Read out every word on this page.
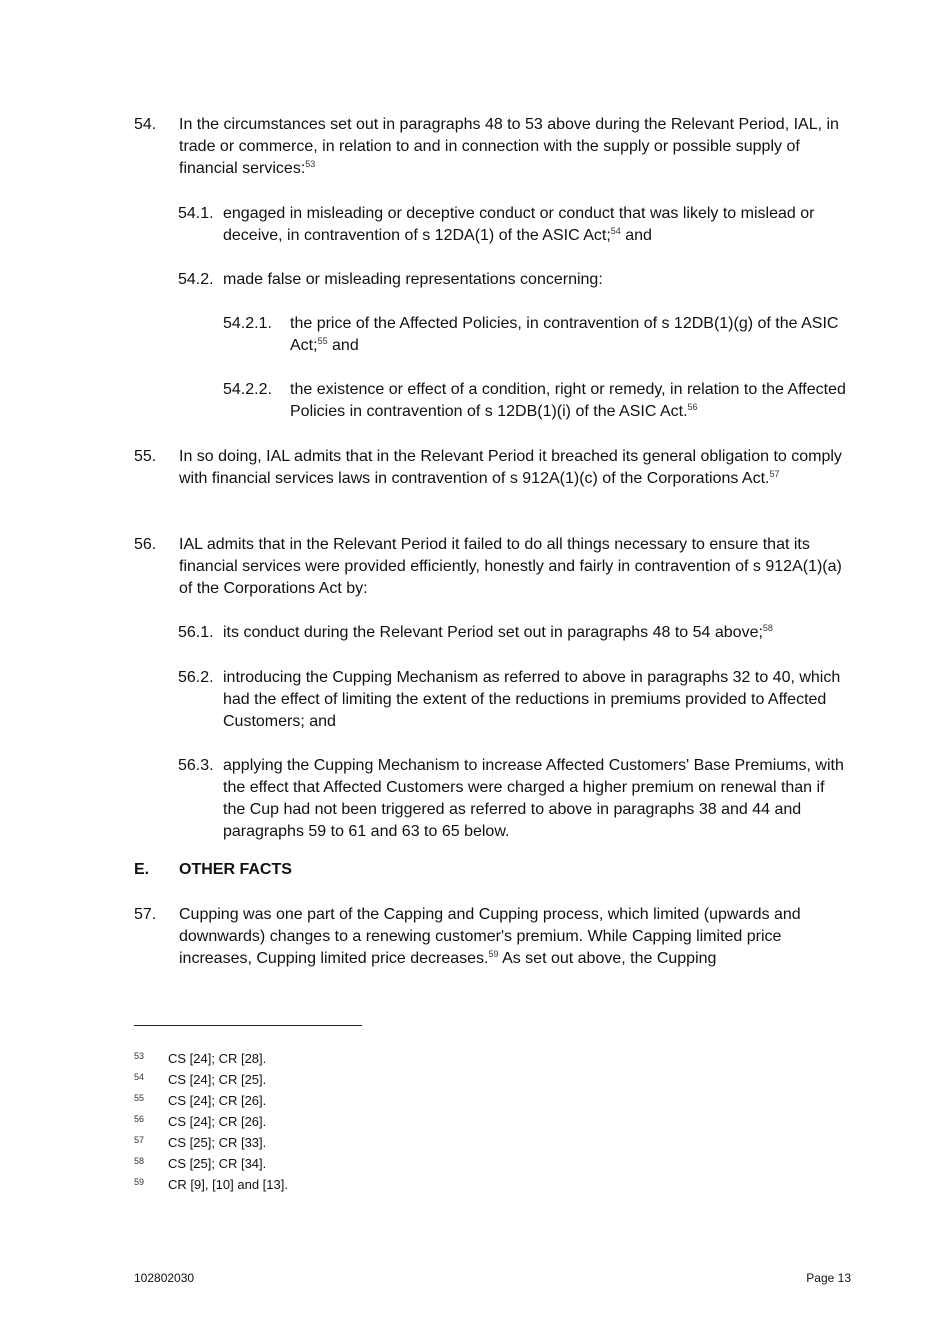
54. In the circumstances set out in paragraphs 48 to 53 above during the Relevant Period, IAL, in trade or commerce, in relation to and in connection with the supply or possible supply of financial services:$^{53}$
54.1. engaged in misleading or deceptive conduct or conduct that was likely to mislead or deceive, in contravention of s 12DA(1) of the ASIC Act;$^{54}$ and
54.2. made false or misleading representations concerning:
54.2.1. the price of the Affected Policies, in contravention of s 12DB(1)(g) of the ASIC Act;$^{55}$ and
54.2.2. the existence or effect of a condition, right or remedy, in relation to the Affected Policies in contravention of s 12DB(1)(i) of the ASIC Act.$^{56}$
55. In so doing, IAL admits that in the Relevant Period it breached its general obligation to comply with financial services laws in contravention of s 912A(1)(c) of the Corporations Act.$^{57}$
56. IAL admits that in the Relevant Period it failed to do all things necessary to ensure that its financial services were provided efficiently, honestly and fairly in contravention of s 912A(1)(a) of the Corporations Act by:
56.1. its conduct during the Relevant Period set out in paragraphs 48 to 54 above;$^{58}$
56.2. introducing the Cupping Mechanism as referred to above in paragraphs 32 to 40, which had the effect of limiting the extent of the reductions in premiums provided to Affected Customers; and
56.3. applying the Cupping Mechanism to increase Affected Customers' Base Premiums, with the effect that Affected Customers were charged a higher premium on renewal than if the Cup had not been triggered as referred to above in paragraphs 38 and 44 and paragraphs 59 to 61 and 63 to 65 below.
E. OTHER FACTS
57. Cupping was one part of the Capping and Cupping process, which limited (upwards and downwards) changes to a renewing customer's premium. While Capping limited price increases, Cupping limited price decreases.$^{59}$ As set out above, the Cupping
53 CS [24]; CR [28].
54 CS [24]; CR [25].
55 CS [24]; CR [26].
56 CS [24]; CR [26].
57 CS [25]; CR [33].
58 CS [25]; CR [34].
59 CR [9], [10] and [13].
102802030	Page 13
